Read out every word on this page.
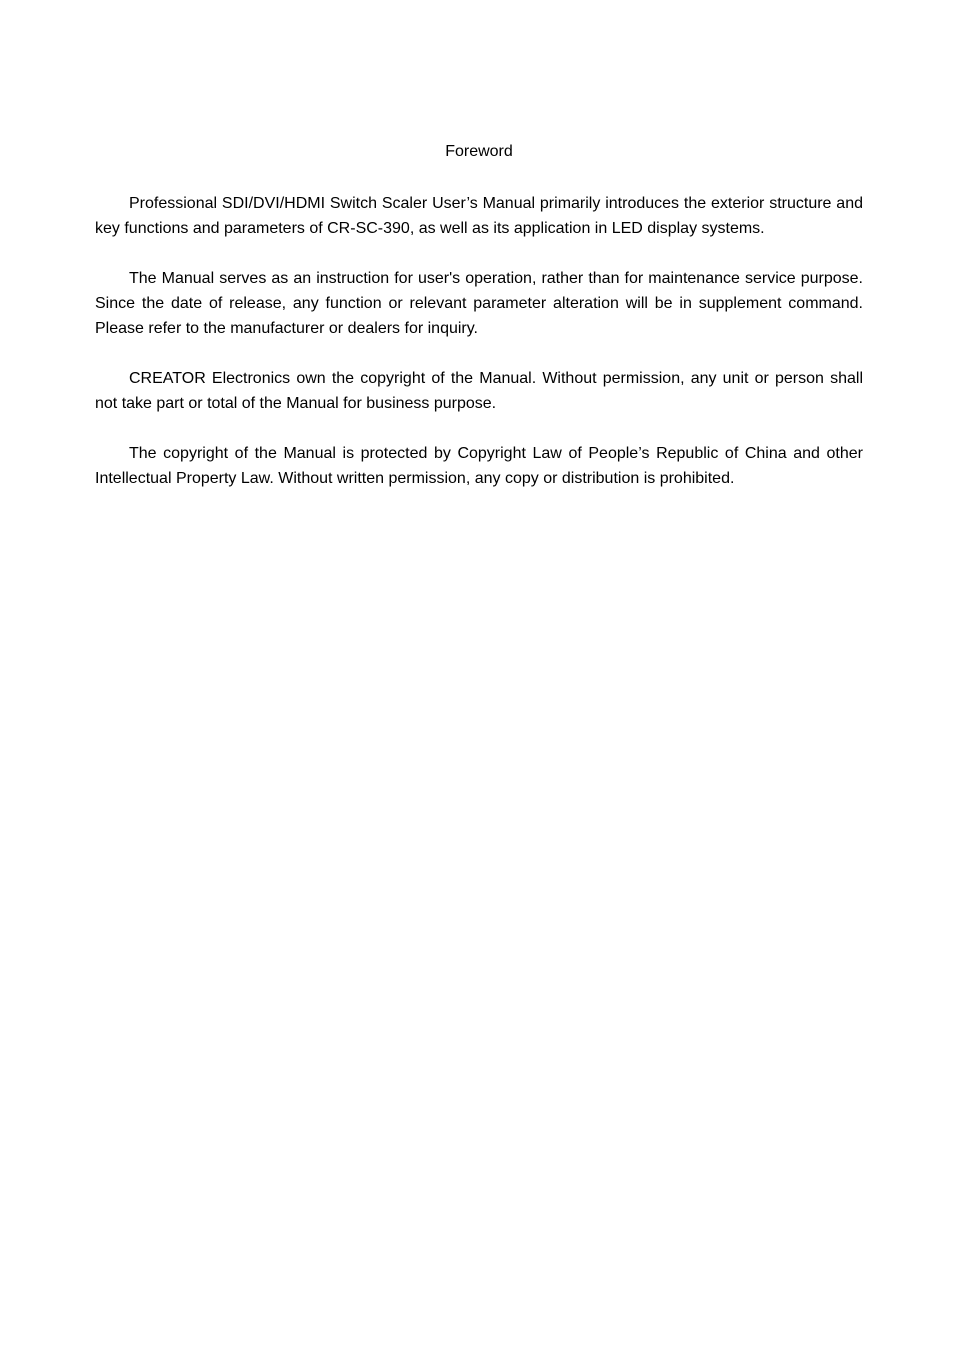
Foreword

Professional SDI/DVI/HDMI Switch Scaler User’s Manual primarily introduces the exterior structure and key functions and parameters of CR-SC-390, as well as its application in LED display systems.

The Manual serves as an instruction for user's operation, rather than for maintenance service purpose. Since the date of release, any function or relevant parameter alteration will be in supplement command. Please refer to the manufacturer or dealers for inquiry.

CREATOR Electronics own the copyright of the Manual. Without permission, any unit or person shall not take part or total of the Manual for business purpose.

The copyright of the Manual is protected by Copyright Law of People’s Republic of China and other Intellectual Property Law. Without written permission, any copy or distribution is prohibited.
